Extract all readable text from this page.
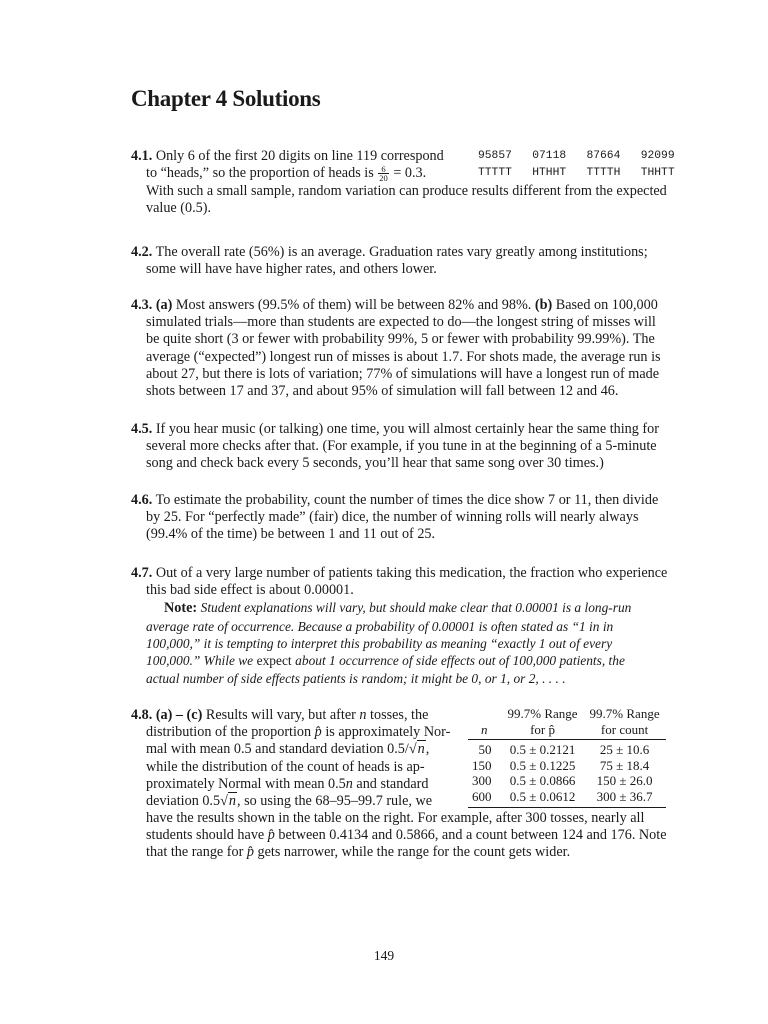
Chapter 4 Solutions
4.1. Only 6 of the first 20 digits on line 119 correspond
to “heads,” so the proportion of heads is $\frac{6}{20} = 0.3$.
95857   07118   87664   92099
TTTTT   HTHHT   TTTTH   THHTT
With such a small sample, random variation can produce results different from the expected
value (0.5).
4.2. The overall rate (56%) is an average. Graduation rates vary greatly among institutions;
some will have have higher rates, and others lower.
4.3. (a) Most answers (99.5% of them) will be between 82% and 98%. (b) Based on 100,000
simulated trials—more than students are expected to do—the longest string of misses will
be quite short (3 or fewer with probability 99%, 5 or fewer with probability 99.99%). The
average (“expected”) longest run of misses is about 1.7. For shots made, the average run is
about 27, but there is lots of variation; 77% of simulations will have a longest run of made
shots between 17 and 37, and about 95% of simulation will fall between 12 and 46.
4.5. If you hear music (or talking) one time, you will almost certainly hear the same thing for
several more checks after that. (For example, if you tune in at the beginning of a 5-minute
song and check back every 5 seconds, you’ll hear that same song over 30 times.)
4.6. To estimate the probability, count the number of times the dice show 7 or 11, then divide
by 25. For “perfectly made” (fair) dice, the number of winning rolls will nearly always
(99.4% of the time) be between 1 and 11 out of 25.
4.7. Out of a very large number of patients taking this medication, the fraction who experience
this bad side effect is about 0.00001.
Note: Student explanations will vary, but should make clear that 0.00001 is a long-run
average rate of occurrence. Because a probability of 0.00001 is often stated as “1 in in
100,000,” it is tempting to interpret this probability as meaning “exactly 1 out of every
100,000.” While we expect about 1 occurrence of side effects out of 100,000 patients, the
actual number of side effects patients is random; it might be 0, or 1, or 2, . . . .
4.8. (a) – (c) Results will vary, but after n tosses, the
distribution of the proportion p̂ is approximately Nor-
mal with mean 0.5 and standard deviation 0.5/√n,
while the distribution of the count of heads is ap-
proximately Normal with mean 0.5n and standard
deviation 0.5√n, so using the 68–95–99.7 rule, we
have the results shown in the table on the right. For example, after 300 tosses, nearly all
students should have p̂ between 0.4134 and 0.5866, and a count between 124 and 176. Note
that the range for p̂ gets narrower, while the range for the count gets wider.
	99.7% Range	99.7% Range
n	for p̂	for count
50	0.5 ± 0.2121	25 ± 10.6
150	0.5 ± 0.1225	75 ± 18.4
300	0.5 ± 0.0866	150 ± 26.0
600	0.5 ± 0.0612	300 ± 36.7
149
